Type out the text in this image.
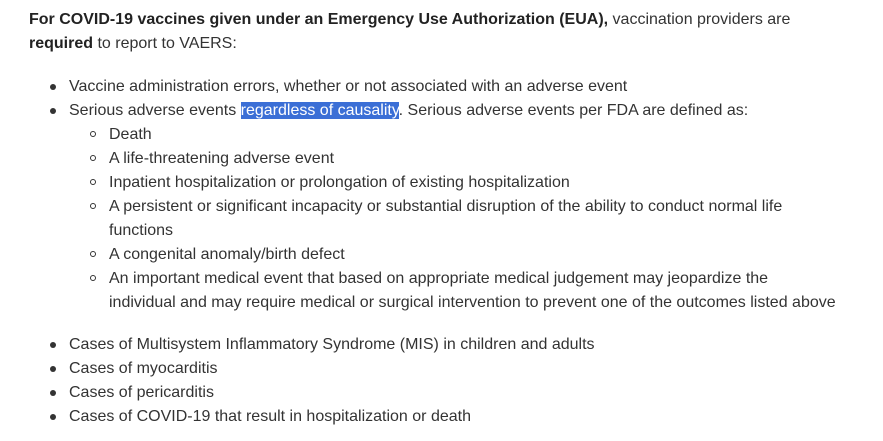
For COVID-19 vaccines given under an Emergency Use Authorization (EUA), vaccination providers are required to report to VAERS:

Vaccine administration errors, whether or not associated with an adverse event
Serious adverse events regardless of causality. Serious adverse events per FDA are defined as:
Death
A life-threatening adverse event
Inpatient hospitalization or prolongation of existing hospitalization
A persistent or significant incapacity or substantial disruption of the ability to conduct normal life functions
A congenital anomaly/birth defect
An important medical event that based on appropriate medical judgement may jeopardize the individual and may require medical or surgical intervention to prevent one of the outcomes listed above
Cases of Multisystem Inflammatory Syndrome (MIS) in children and adults
Cases of myocarditis
Cases of pericarditis
Cases of COVID-19 that result in hospitalization or death
